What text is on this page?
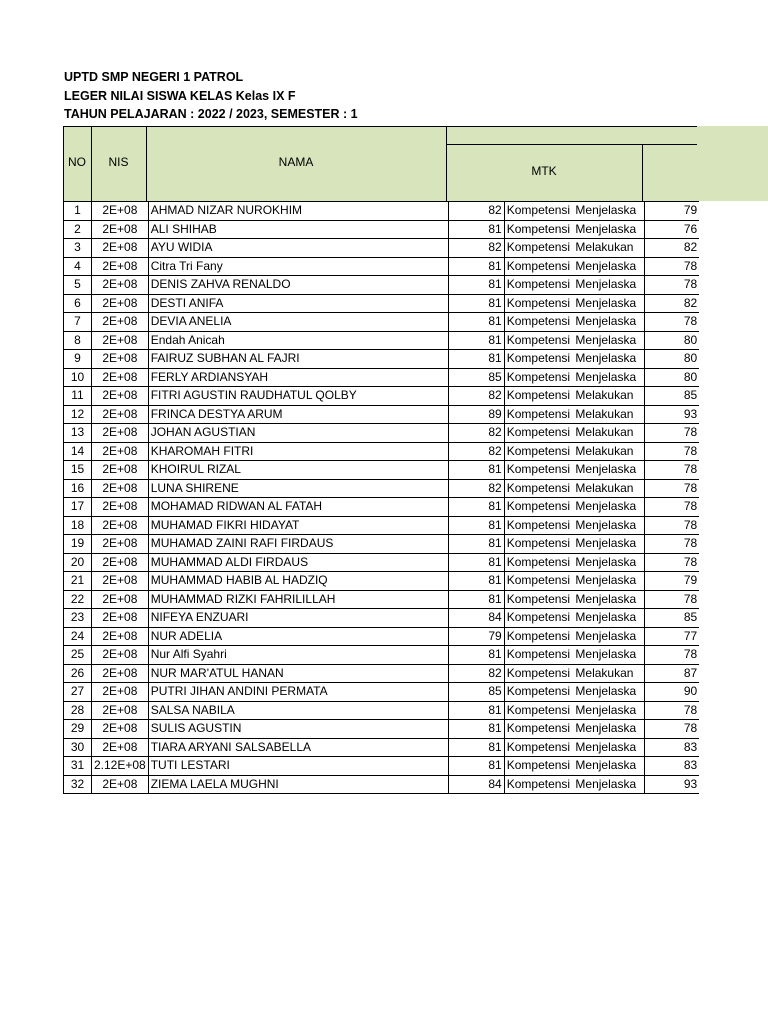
UPTD SMP NEGERI 1 PATROL
LEGER NILAI SISWA KELAS Kelas IX F
TAHUN PELAJARAN : 2022 / 2023, SEMESTER : 1
NO	NIS	NAMA
MTK
1	2E+08	AHMAD NIZAR NUROKHIM	82	Kompetensi Menjelaska	79
2	2E+08	ALI SHIHAB	81	Kompetensi Menjelaska	76
3	2E+08	AYU WIDIA	82	Kompetensi Melakukan	82
4	2E+08	Citra Tri Fany	81	Kompetensi Menjelaska	78
5	2E+08	DENIS ZAHVA RENALDO	81	Kompetensi Menjelaska	78
6	2E+08	DESTI ANIFA	81	Kompetensi Menjelaska	82
7	2E+08	DEVIA ANELIA	81	Kompetensi Menjelaska	78
8	2E+08	Endah Anicah	81	Kompetensi Menjelaska	80
9	2E+08	FAIRUZ SUBHAN AL FAJRI	81	Kompetensi Menjelaska	80
10	2E+08	FERLY ARDIANSYAH	85	Kompetensi Menjelaska	80
11	2E+08	FITRI AGUSTIN RAUDHATUL QOLBY	82	Kompetensi Melakukan	85
12	2E+08	FRINCA DESTYA ARUM	89	Kompetensi Melakukan	93
13	2E+08	JOHAN AGUSTIAN	82	Kompetensi Melakukan	78
14	2E+08	KHAROMAH FITRI	82	Kompetensi Melakukan	78
15	2E+08	KHOIRUL RIZAL	81	Kompetensi Menjelaska	78
16	2E+08	LUNA SHIRENE	82	Kompetensi Melakukan	78
17	2E+08	MOHAMAD RIDWAN AL FATAH	81	Kompetensi Menjelaska	78
18	2E+08	MUHAMAD FIKRI HIDAYAT	81	Kompetensi Menjelaska	78
19	2E+08	MUHAMAD ZAINI RAFI FIRDAUS	81	Kompetensi Menjelaska	78
20	2E+08	MUHAMMAD ALDI FIRDAUS	81	Kompetensi Menjelaska	78
21	2E+08	MUHAMMAD HABIB AL HADZIQ	81	Kompetensi Menjelaska	79
22	2E+08	MUHAMMAD RIZKI FAHRILILLAH	81	Kompetensi Menjelaska	78
23	2E+08	NIFEYA ENZUARI	84	Kompetensi Menjelaska	85
24	2E+08	NUR ADELIA	79	Kompetensi Menjelaska	77
25	2E+08	Nur Alfi Syahri	81	Kompetensi Menjelaska	78
26	2E+08	NUR MAR'ATUL HANAN	82	Kompetensi Melakukan	87
27	2E+08	PUTRI JIHAN ANDINI PERMATA	85	Kompetensi Menjelaska	90
28	2E+08	SALSA NABILA	81	Kompetensi Menjelaska	78
29	2E+08	SULIS AGUSTIN	81	Kompetensi Menjelaska	78
30	2E+08	TIARA ARYANI SALSABELLA	81	Kompetensi Menjelaska	83
31	2.12E+08	TUTI LESTARI	81	Kompetensi Menjelaska	83
32	2E+08	ZIEMA LAELA MUGHNI	84	Kompetensi Menjelaska	93
